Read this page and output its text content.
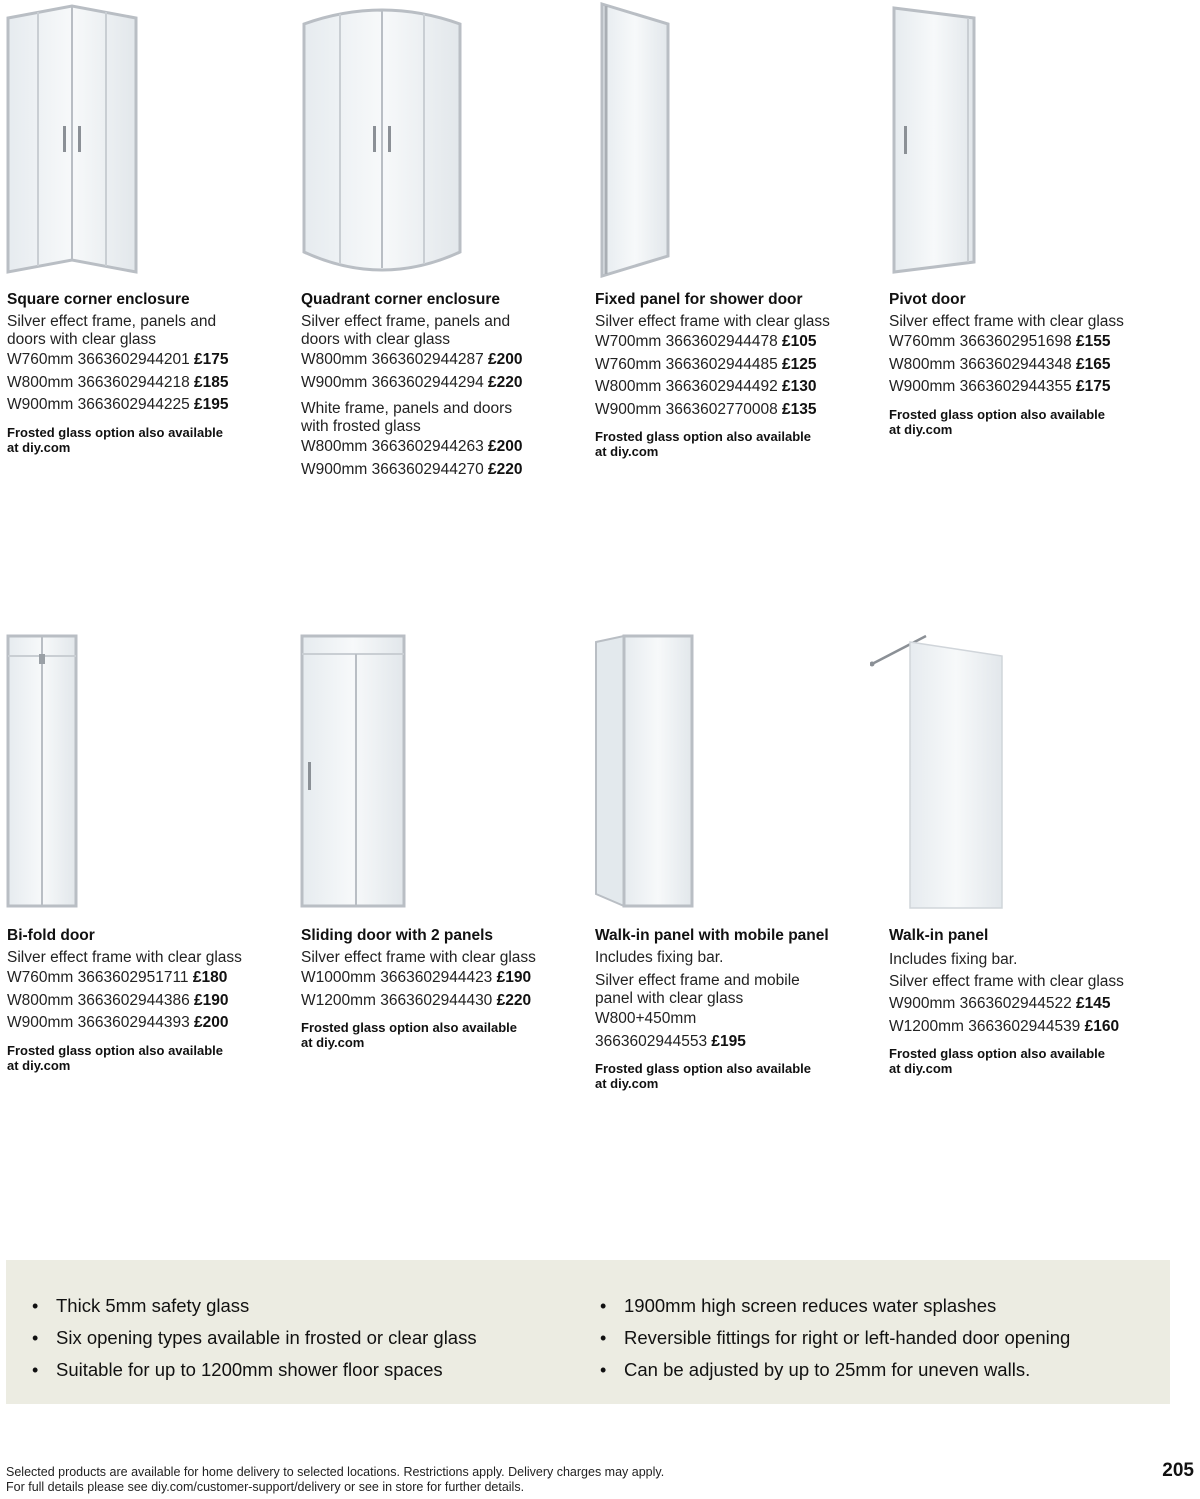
Square corner enclosure
Silver effect frame, panels and
doors with clear glass
W760mm 3663602944201 £175
W800mm 3663602944218 £185
W900mm 3663602944225 £195
Frosted glass option also available
at diy.com
Quadrant corner enclosure
Silver effect frame, panels and
doors with clear glass
W800mm 3663602944287 £200
W900mm 3663602944294 £220
White frame, panels and doors
with frosted glass
W800mm 3663602944263 £200
W900mm 3663602944270 £220
Fixed panel for shower door
Silver effect frame with clear glass
W700mm 3663602944478 £105
W760mm 3663602944485 £125
W800mm 3663602944492 £130
W900mm 3663602770008 £135
Frosted glass option also available
at diy.com
Pivot door
Silver effect frame with clear glass
W760mm 3663602951698 £155
W800mm 3663602944348 £165
W900mm 3663602944355 £175
Frosted glass option also available
at diy.com
Bi-fold door
Silver effect frame with clear glass
W760mm 3663602951711 £180
W800mm 3663602944386 £190
W900mm 3663602944393 £200
Frosted glass option also available
at diy.com
Sliding door with 2 panels
Silver effect frame with clear glass
W1000mm 3663602944423 £190
W1200mm 3663602944430 £220
Frosted glass option also available
at diy.com
Walk-in panel with mobile panel
Includes fixing bar.
Silver effect frame and mobile
panel with clear glass
W800+450mm
3663602944553 £195
Frosted glass option also available
at diy.com
Walk-in panel
Includes fixing bar.
Silver effect frame with clear glass
W900mm 3663602944522 £145
W1200mm 3663602944539 £160
Frosted glass option also available
at diy.com
• Thick 5mm safety glass
• Six opening types available in frosted or clear glass
• Suitable for up to 1200mm shower floor spaces
• 1900mm high screen reduces water splashes
• Reversible fittings for right or left-handed door opening
• Can be adjusted by up to 25mm for uneven walls.
Selected products are available for home delivery to selected locations. Restrictions apply. Delivery charges may apply.
For full details please see diy.com/customer-support/delivery or see in store for further details.
205
